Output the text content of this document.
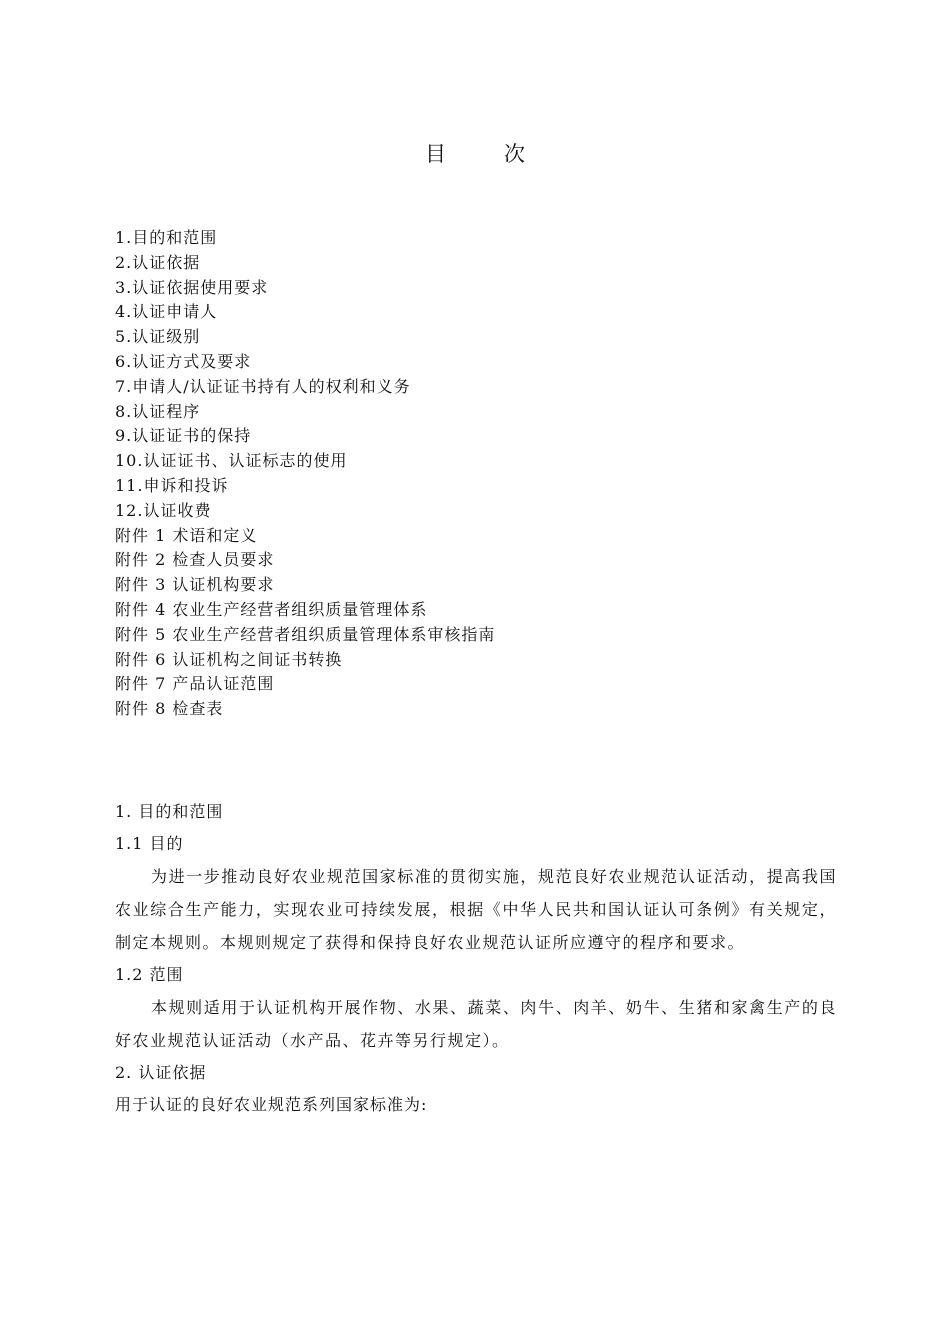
目	次
1.目的和范围
2.认证依据
3.认证依据使用要求
4.认证申请人
5.认证级别
6.认证方式及要求
7.申请人/认证证书持有人的权利和义务
8.认证程序
9.认证证书的保持
10.认证证书、认证标志的使用
11.申诉和投诉
12.认证收费
附件 1 术语和定义
附件 2 检查人员要求
附件 3 认证机构要求
附件 4 农业生产经营者组织质量管理体系
附件 5 农业生产经营者组织质量管理体系审核指南
附件 6 认证机构之间证书转换
附件 7 产品认证范围
附件 8 检查表
1. 目的和范围
1.1 目的

为进一步推动良好农业规范国家标准的贯彻实施，规范良好农业规范认证活动，提高我国农业综合生产能力，实现农业可持续发展，根据《中华人民共和国认证认可条例》有关规定，制定本规则。本规则规定了获得和保持良好农业规范认证所应遵守的程序和要求。

1.2 范围

本规则适用于认证机构开展作物、水果、蔬菜、肉牛、肉羊、奶牛、生猪和家禽生产的良好农业规范认证活动（水产品、花卉等另行规定）。

2. 认证依据
用于认证的良好农业规范系列国家标准为:
